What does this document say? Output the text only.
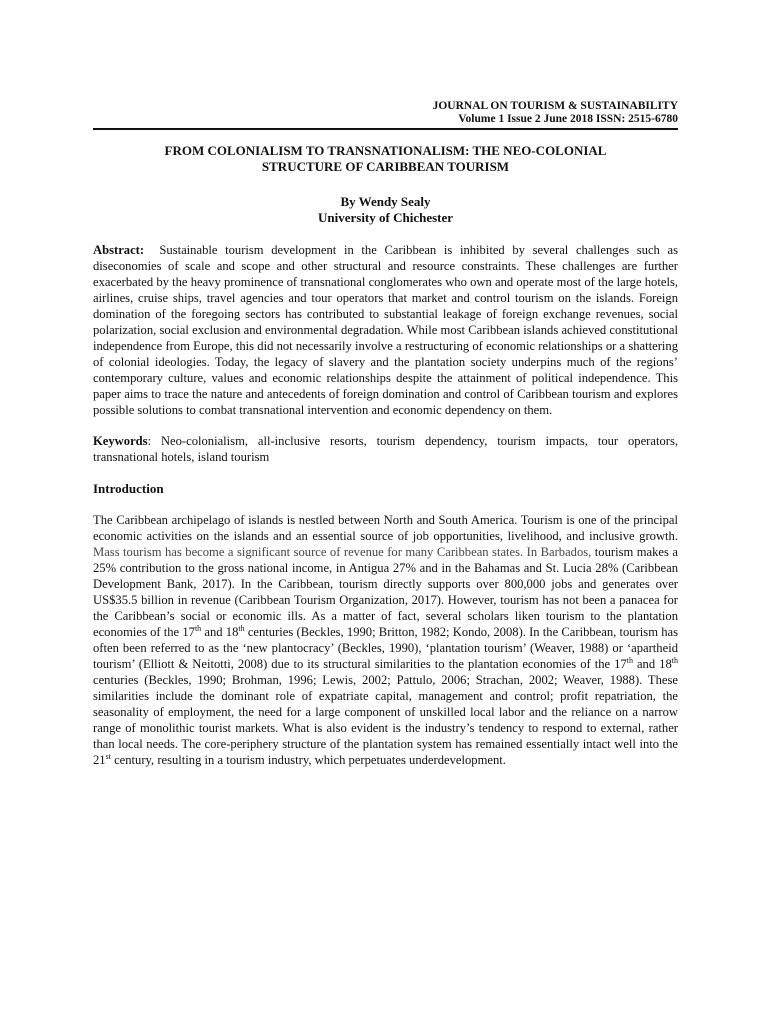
JOURNAL ON TOURISM & SUSTAINABILITY
Volume 1 Issue 2 June 2018 ISSN: 2515-6780
FROM COLONIALISM TO TRANSNATIONALISM: THE NEO-COLONIAL
STRUCTURE OF CARIBBEAN TOURISM
By Wendy Sealy
University of Chichester

Abstract: Sustainable tourism development in the Caribbean is inhibited by several challenges such as diseconomies of scale and scope and other structural and resource constraints. These challenges are further exacerbated by the heavy prominence of transnational conglomerates who own and operate most of the large hotels, airlines, cruise ships, travel agencies and tour operators that market and control tourism on the islands. Foreign domination of the foregoing sectors has contributed to substantial leakage of foreign exchange revenues, social polarization, social exclusion and environmental degradation. While most Caribbean islands achieved constitutional independence from Europe, this did not necessarily involve a restructuring of economic relationships or a shattering of colonial ideologies. Today, the legacy of slavery and the plantation society underpins much of the regions’ contemporary culture, values and economic relationships despite the attainment of political independence. This paper aims to trace the nature and antecedents of foreign domination and control of Caribbean tourism and explores possible solutions to combat transnational intervention and economic dependency on them.

Keywords: Neo-colonialism, all-inclusive resorts, tourism dependency, tourism impacts, tour operators, transnational hotels, island tourism

Introduction

The Caribbean archipelago of islands is nestled between North and South America. Tourism is one of the principal economic activities on the islands and an essential source of job opportunities, livelihood, and inclusive growth. Mass tourism has become a significant source of revenue for many Caribbean states. In Barbados, tourism makes a 25% contribution to the gross national income, in Antigua 27% and in the Bahamas and St. Lucia 28% (Caribbean Development Bank, 2017). In the Caribbean, tourism directly supports over 800,000 jobs and generates over US$35.5 billion in revenue (Caribbean Tourism Organization, 2017). However, tourism has not been a panacea for the Caribbean’s social or economic ills. As a matter of fact, several scholars liken tourism to the plantation economies of the 17th and 18th centuries (Beckles, 1990; Britton, 1982; Kondo, 2008). In the Caribbean, tourism has often been referred to as the ‘new plantocracy’ (Beckles, 1990), ‘plantation tourism’ (Weaver, 1988) or ‘apartheid tourism’ (Elliott & Neitotti, 2008) due to its structural similarities to the plantation economies of the 17th and 18th centuries (Beckles, 1990; Brohman, 1996; Lewis, 2002; Pattulo, 2006; Strachan, 2002; Weaver, 1988). These similarities include the dominant role of expatriate capital, management and control; profit repatriation, the seasonality of employment, the need for a large component of unskilled local labor and the reliance on a narrow range of monolithic tourist markets. What is also evident is the industry’s tendency to respond to external, rather than local needs. The core-periphery structure of the plantation system has remained essentially intact well into the 21st century, resulting in a tourism industry, which perpetuates underdevelopment.
